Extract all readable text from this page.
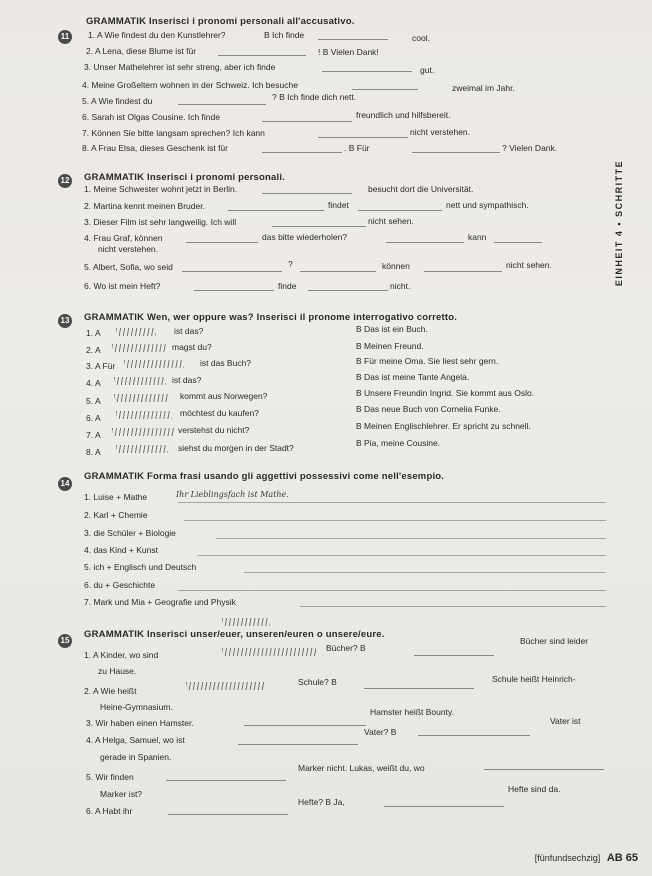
11
GRAMMATIK Inserisci i pronomi personali all'accusativo.
1. A Wie findest du den Kunstlehrer?	B Ich finde	cool.
2. A Lena, diese Blume ist für	! B Vielen Dank!
3. Unser Mathelehrer ist sehr streng, aber ich finde	gut.
4. Meine Großeltern wohnen in der Schweiz. Ich besuche	zweimal im Jahr.
5. A Wie findest du	? B Ich finde dich nett.
6. Sarah ist Olgas Cousine. Ich finde	freundlich und hilfsbereit.
7. Können Sie bitte langsam sprechen? Ich kann	nicht verstehen.
8. A Frau Elsa, dieses Geschenk ist für	. B Für	? Vielen Dank.
12 GRAMMATIK Inserisci i pronomi personali.
1. Meine Schwester wohnt jetzt in Berlin.	besucht dort die Universität.
2. Martina kennt meinen Bruder.	findet	nett und sympathisch.
3. Dieser Film ist sehr langweilig. Ich will	nicht sehen.
4. Frau Graf, können	das bitte wiederholen?	kann
nicht verstehen.
5. Albert, Sofia, wo seid	?	können	nicht sehen.
6. Wo ist mein Heft?	finde	nicht.	EINHEIT 4 • SCHRITTE
13 GRAMMATIK Wen, wer oppure was? Inserisci il pronome interrogativo corretto.
1. A	ist das?	B Das ist ein Buch.
2. A	magst du?	B Meinen Freund.
3. A Für	ist das Buch?	B Für meine Oma. Sie liest sehr gern.
4. A	ist das?	B Das ist meine Tante Angela.
5. A	kommt aus Norwegen?	B Unsere Freundin Ingrid. Sie kommt aus Oslo.
6. A	möchtest du kaufen?	B Das neue Buch von Cornelia Funke.
7. A	verstehst du nicht?	B Meinen Englischlehrer. Er spricht zu schnell.
8. A	siehst du morgen in der Stadt?	B Pia, meine Cousine.
14
GRAMMATIK Forma frasi usando gli aggettivi possessivi come nell'esempio.
1. Luise + Mathe	Ihr Lieblingsfach ist Mathe.
2. Karl + Chemie
3. die Schüler + Biologie
4. das Kind + Kunst
5. ich + Englisch und Deutsch
6. du + Geschichte
7. Mark und Mia + Geografie und Physik
15
GRAMMATIK Inserisci unser/euer, unseren/euren o unsere/eure.
1. A Kinder, wo sind
Bücher? B
Bücher sind leider
zu Hause.
2. A Wie heißt
Schule? B	Schule heißt Heinrich-
Heine-Gymnasium.
3. Wir haben einen Hamster.
Hamster heißt Bounty.
4. A Helga, Samuel, wo ist
Vater? B
Vater ist
gerade in Spanien.
5. Wir finden
Marker nicht. Lukas, weißt du, wo
Marker ist?	Hefte sind da.
6. A Habt ihr
Hefte? B Ja,
[fünfundsechzig] AB 65
